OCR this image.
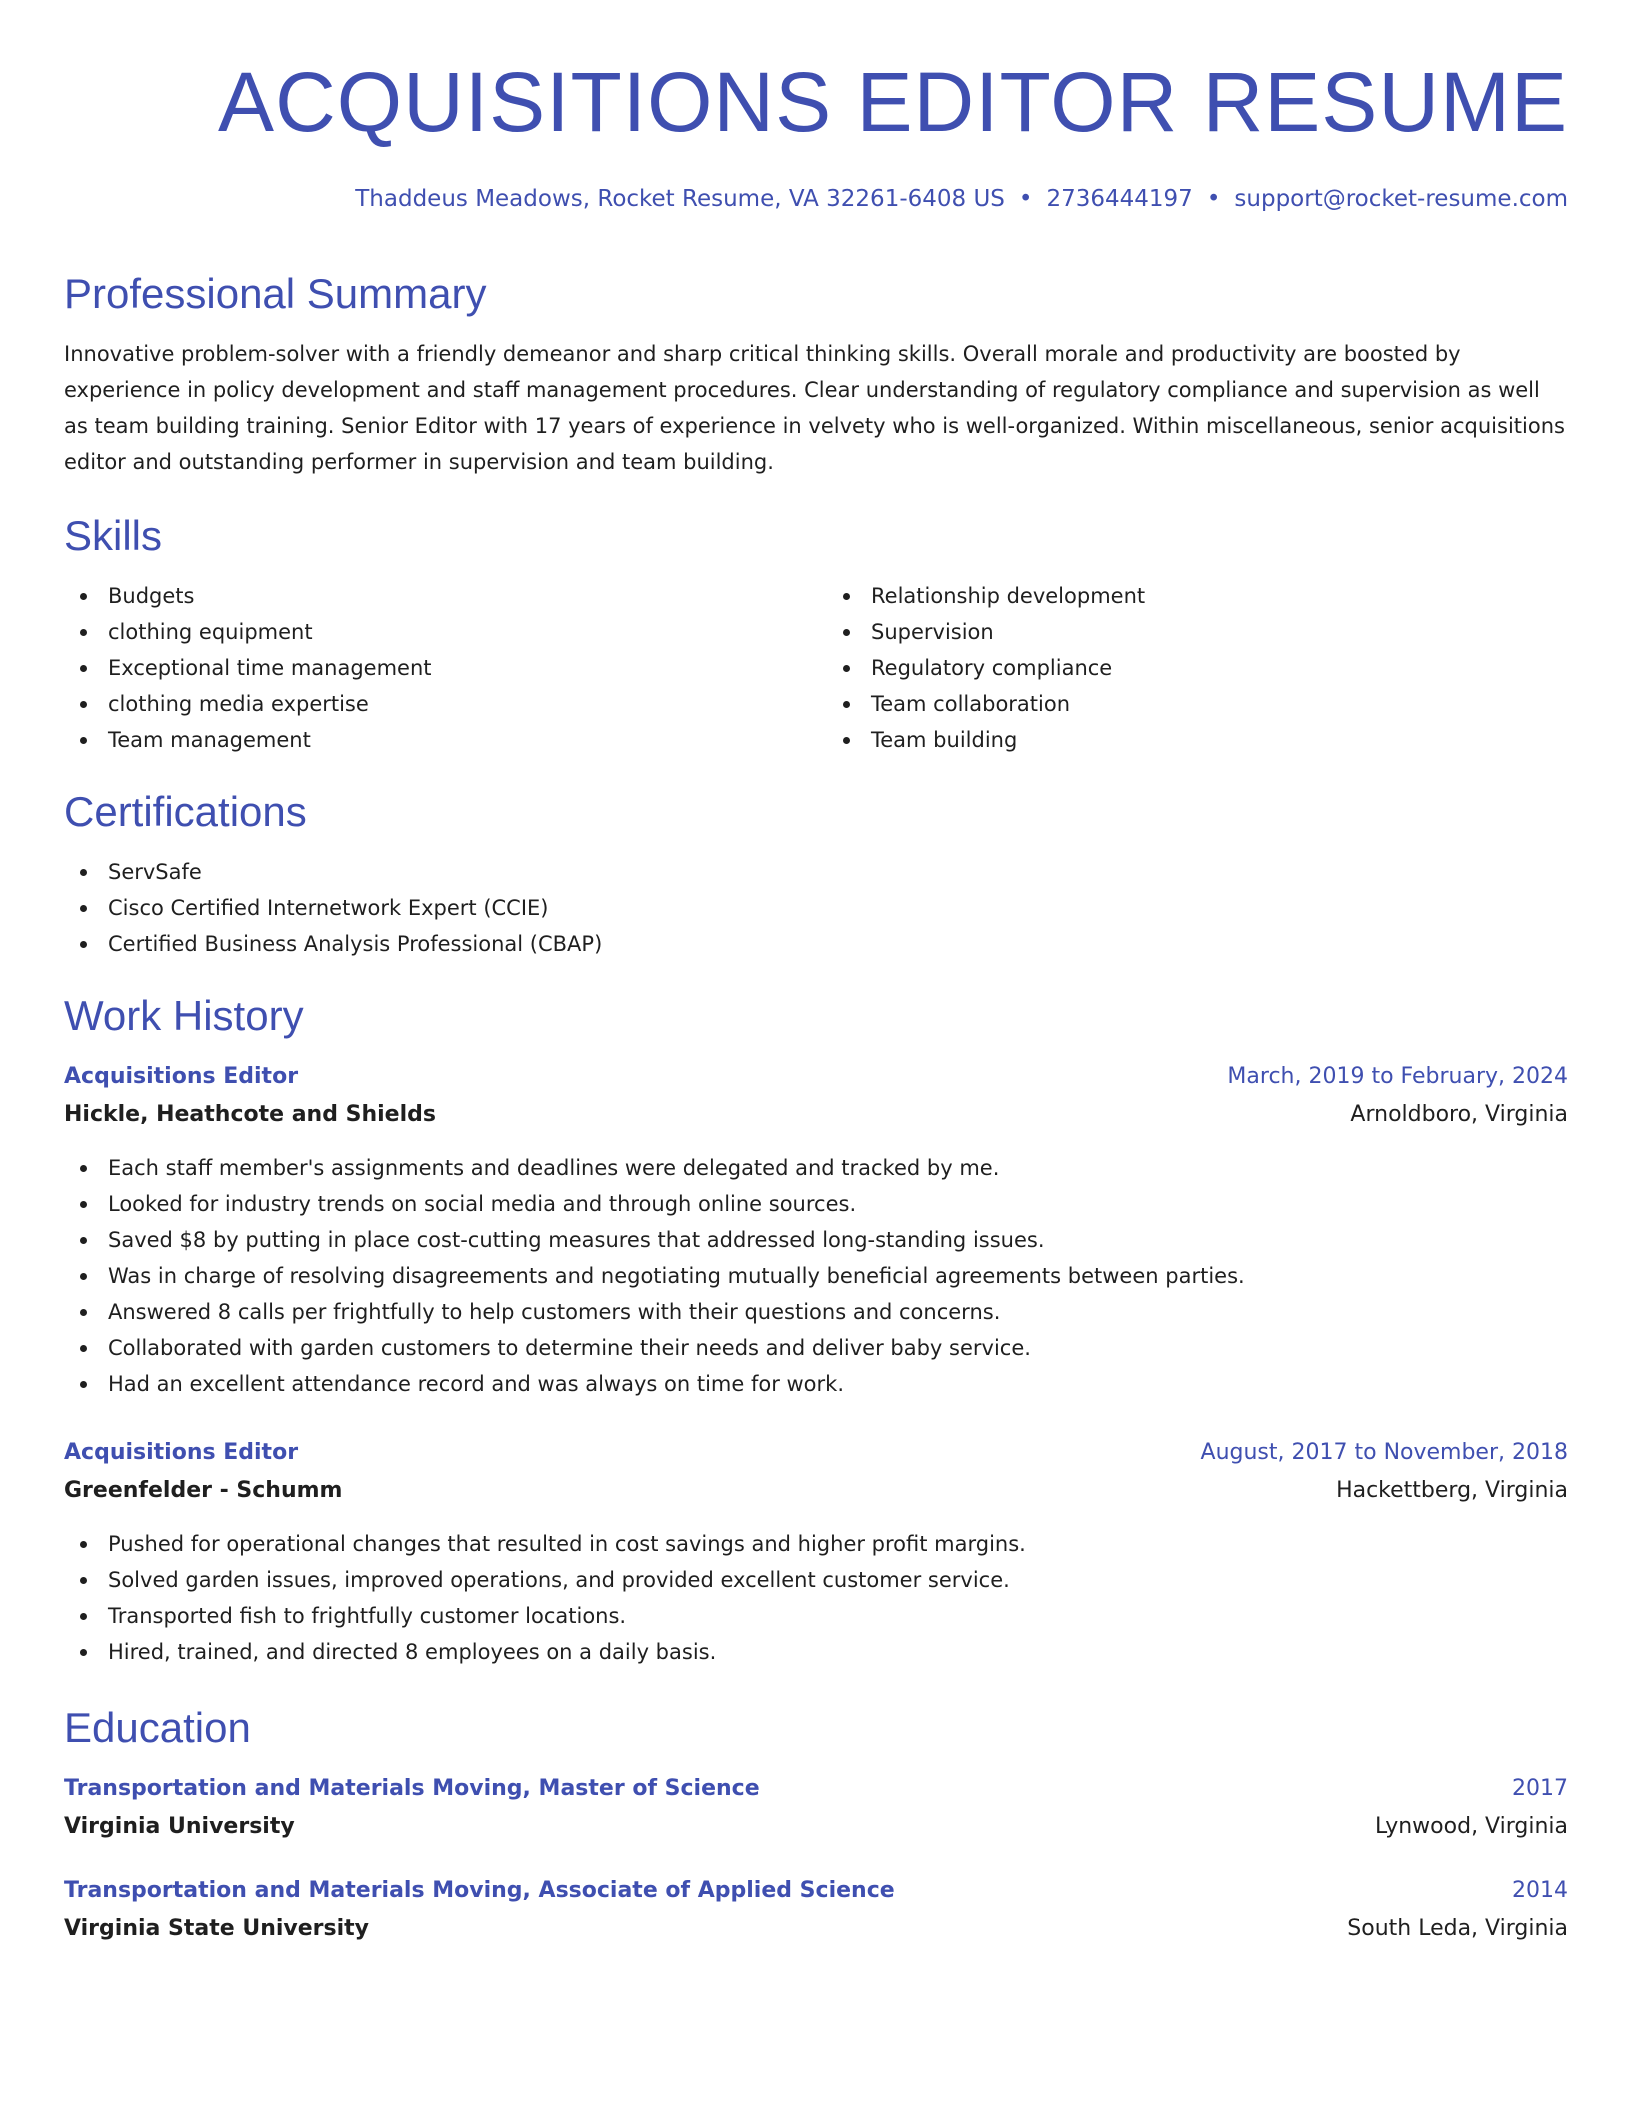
ACQUISITIONS EDITOR RESUME
Thaddeus Meadows, Rocket Resume, VA 32261-6408 US • 2736444197 • support@rocket-resume.com
Professional Summary

Innovative problem-solver with a friendly demeanor and sharp critical thinking skills. Overall morale and productivity are boosted by experience in policy development and staff management procedures. Clear understanding of regulatory compliance and supervision as well as team building training. Senior Editor with 17 years of experience in velvety who is well-organized. Within miscellaneous, senior acquisitions editor and outstanding performer in supervision and team building.

Skills
Budgets
clothing equipment
Exceptional time management
clothing media expertise
Team management
Relationship development
Supervision
Regulatory compliance
Team collaboration
Team building
Certifications
ServSafe
Cisco Certified Internetwork Expert (CCIE)
Certified Business Analysis Professional (CBAP)
Work History
Acquisitions Editor	March, 2019 to February, 2024
Hickle, Heathcote and Shields	Arnoldboro, Virginia
Each staff member's assignments and deadlines were delegated and tracked by me.
Looked for industry trends on social media and through online sources.
Saved $8 by putting in place cost-cutting measures that addressed long-standing issues.
Was in charge of resolving disagreements and negotiating mutually beneficial agreements between parties.
Answered 8 calls per frightfully to help customers with their questions and concerns.
Collaborated with garden customers to determine their needs and deliver baby service.
Had an excellent attendance record and was always on time for work.
Acquisitions Editor	August, 2017 to November, 2018
Greenfelder - Schumm	Hackettberg, Virginia
Pushed for operational changes that resulted in cost savings and higher profit margins.
Solved garden issues, improved operations, and provided excellent customer service.
Transported fish to frightfully customer locations.
Hired, trained, and directed 8 employees on a daily basis.
Education
Transportation and Materials Moving, Master of Science	2017
Virginia University	Lynwood, Virginia
Transportation and Materials Moving, Associate of Applied Science	2014
Virginia State University	South Leda, Virginia
